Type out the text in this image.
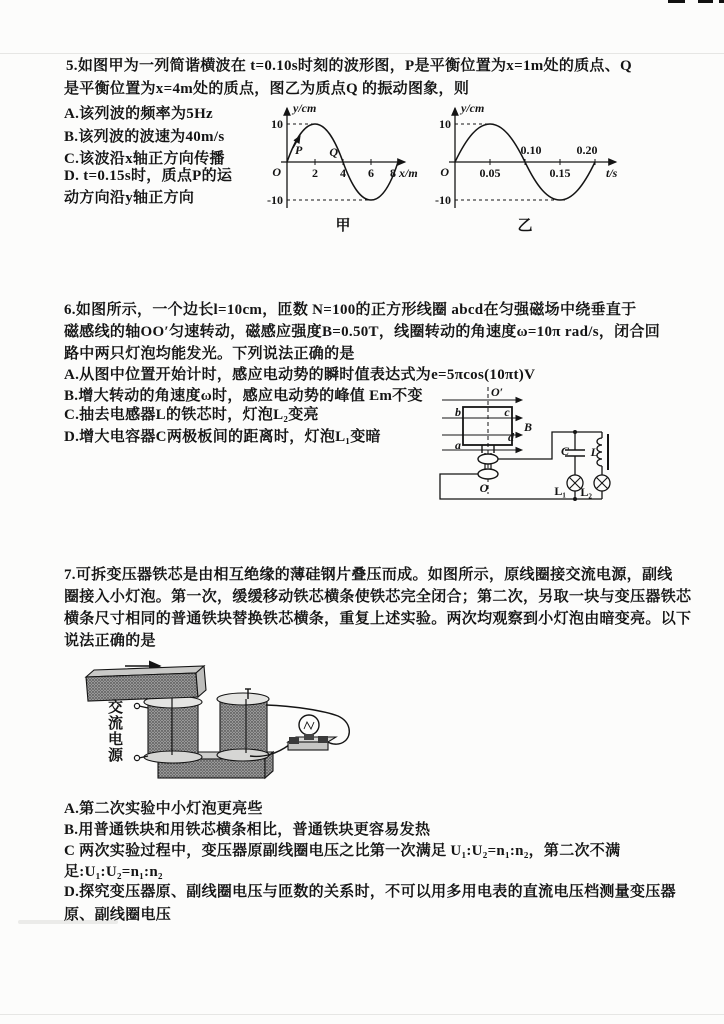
5.如图甲为一列简谐横波在 t=0.10s时刻的波形图，P是平衡位置为x=1m处的质点、Q
是平衡位置为x=4m处的质点，图乙为质点Q 的振动图象，则
A.该列波的频率为5Hz
B.该列波的波速为40m/s
C.该波沿x轴正方向传播
D. t=0.15s时，质点P的运
动方向沿y轴正方向
y/cm
10
-10
O	2 4 6 8 x/m
P Q
甲
y/cm
10
-10
O	0.05
0.10
0.15
0.20
t/s
乙
6.如图所示，一个边长l=10cm，匝数 N=100的正方形线圈 abcd在匀强磁场中绕垂直于
磁感线的轴OO′匀速转动，磁感应强度B=0.50T，线圈转动的角速度ω=10π rad/s，闭合回
路中两只灯泡均能发光。下列说法正确的是
A.从图中位置开始计时，感应电动势的瞬时值表达式为e=5πcos(10πt)V
B.增大转动的角速度ω时，感应电动势的峰值 Em不变
C.抽去电感器L的铁芯时，灯泡L₂变亮
D.增大电容器C两极板间的距离时，灯泡L₁变暗
O′
O
b	c
a
d
B
C L
L₁ L₂
7.可拆变压器铁芯是由相互绝缘的薄硅钢片叠压而成。如图所示，原线圈接交流电源，副线
圈接入小灯泡。第一次，缓缓移动铁芯横条使铁芯完全闭合；第二次，另取一块与变压器铁芯
横条尺寸相同的普通铁块替换铁芯横条，重复上述实验。两次均观察到小灯泡由暗变亮。以下
说法正确的是
交流电源
A.第二次实验中小灯泡更亮些
B.用普通铁块和用铁芯横条相比，普通铁块更容易发热
C 两次实验过程中，变压器原副线圈电压之比第一次满足 U₁:U₂=n₁:n₂，第二次不满
足:U₁:U₂=n₁:n₂
D.探究变压器原、副线圈电压与匝数的关系时，不可以用多用电表的直流电压档测量变压器
原、副线圈电压
